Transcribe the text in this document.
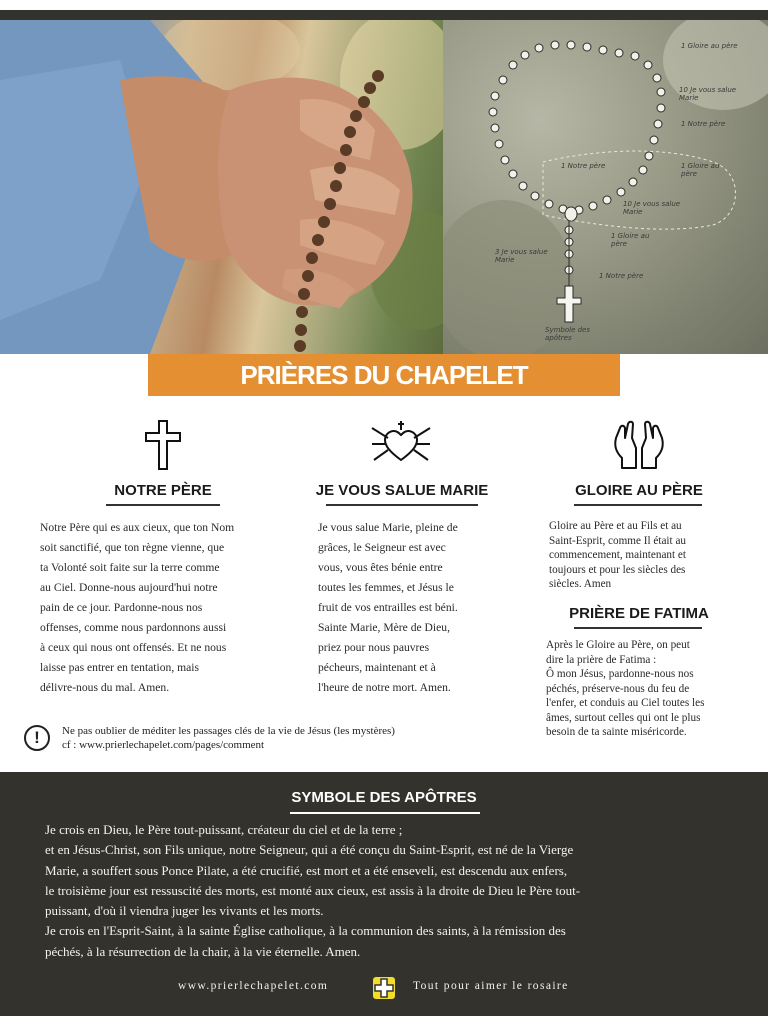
1 Gloire au père
10 Je vous salue Marie
1 Notre père
1 Notre père	1 Gloire au père
10 Je vous salue Marie
1 Gloire au père
3 Je vous salue Marie
1 Notre père
Symbole des apôtres
PRIÈRES DU CHAPELET
NOTRE PÈRE
Notre Père qui es aux cieux, que ton Nom
soit sanctifié, que ton règne vienne, que
ta Volonté soit faite sur la terre comme
au Ciel. Donne-nous aujourd'hui notre
pain de ce jour. Pardonne-nous nos
offenses, comme nous pardonnons aussi
à ceux qui nous ont offensés. Et ne nous
laisse pas entrer en tentation, mais
délivre-nous du mal. Amen.
JE VOUS SALUE MARIE
Je vous salue Marie, pleine de
grâces, le Seigneur est avec
vous, vous êtes bénie entre
toutes les femmes, et Jésus le
fruit de vos entrailles est béni.
Sainte Marie, Mère de Dieu,
priez pour nous pauvres
pécheurs, maintenant et à
l'heure de notre mort. Amen.
GLOIRE AU PÈRE
Gloire au Père et au Fils et au
Saint-Esprit, comme Il était au
commencement, maintenant et
toujours et pour les siècles des
siècles. Amen
PRIÈRE DE FATIMA
Après le Gloire au Père, on peut
dire la prière de Fatima :
Ô mon Jésus, pardonne-nous nos
péchés, préserve-nous du feu de
l'enfer, et conduis au Ciel toutes les
âmes, surtout celles qui ont le plus
besoin de ta sainte miséricorde.
!	Ne pas oublier de méditer les passages clés de la vie de Jésus (les mystères)
cf : www.prierlechapelet.com/pages/comment
SYMBOLE DES APÔTRES
Je crois en Dieu, le Père tout-puissant, créateur du ciel et de la terre ;
et en Jésus-Christ, son Fils unique, notre Seigneur, qui a été conçu du Saint-Esprit, est né de la Vierge
Marie, a souffert sous Ponce Pilate, a été crucifié, est mort et a été enseveli, est descendu aux enfers,
le troisième jour est ressuscité des morts, est monté aux cieux, est assis à la droite de Dieu le Père tout-
puissant, d'où il viendra juger les vivants et les morts.
Je crois en l'Esprit-Saint, à la sainte Église catholique, à la communion des saints, à la rémission des
péchés, à la résurrection de la chair, à la vie éternelle. Amen.
www.prierlechapelet.com	Tout pour aimer le rosaire
